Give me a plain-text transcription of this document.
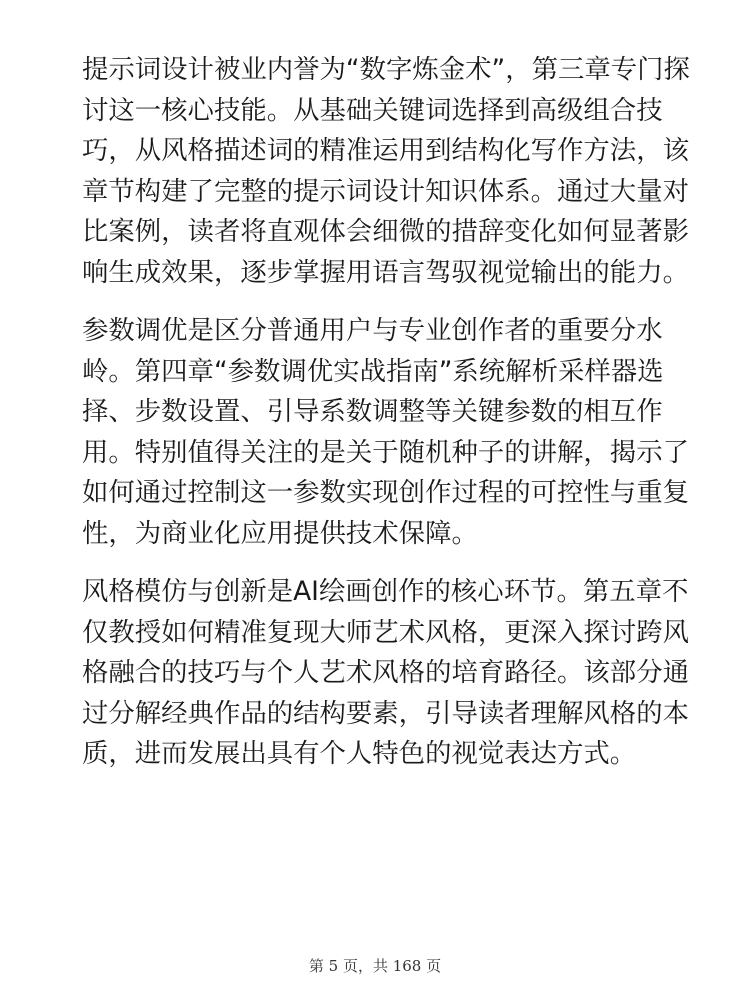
提示词设计被业内誉为“数字炼金术”，第三章专门探讨这一核心技能。从基础关键词选择到高级组合技巧，从风格描述词的精准运用到结构化写作方法，该章节构建了完整的提示词设计知识体系。通过大量对比案例，读者将直观体会细微的措辞变化如何显著影响生成效果，逐步掌握用语言驾驭视觉输出的能力。

参数调优是区分普通用户与专业创作者的重要分水岭。第四章“参数调优实战指南”系统解析采样器选择、步数设置、引导系数调整等关键参数的相互作用。特别值得关注的是关于随机种子的讲解，揭示了如何通过控制这一参数实现创作过程的可控性与重复性，为商业化应用提供技术保障。

风格模仿与创新是AI绘画创作的核心环节。第五章不仅教授如何精准复现大师艺术风格，更深入探讨跨风格融合的技巧与个人艺术风格的培育路径。该部分通过分解经典作品的结构要素，引导读者理解风格的本质，进而发展出具有个人特色的视觉表达方式。

第 5 页，共 168 页
